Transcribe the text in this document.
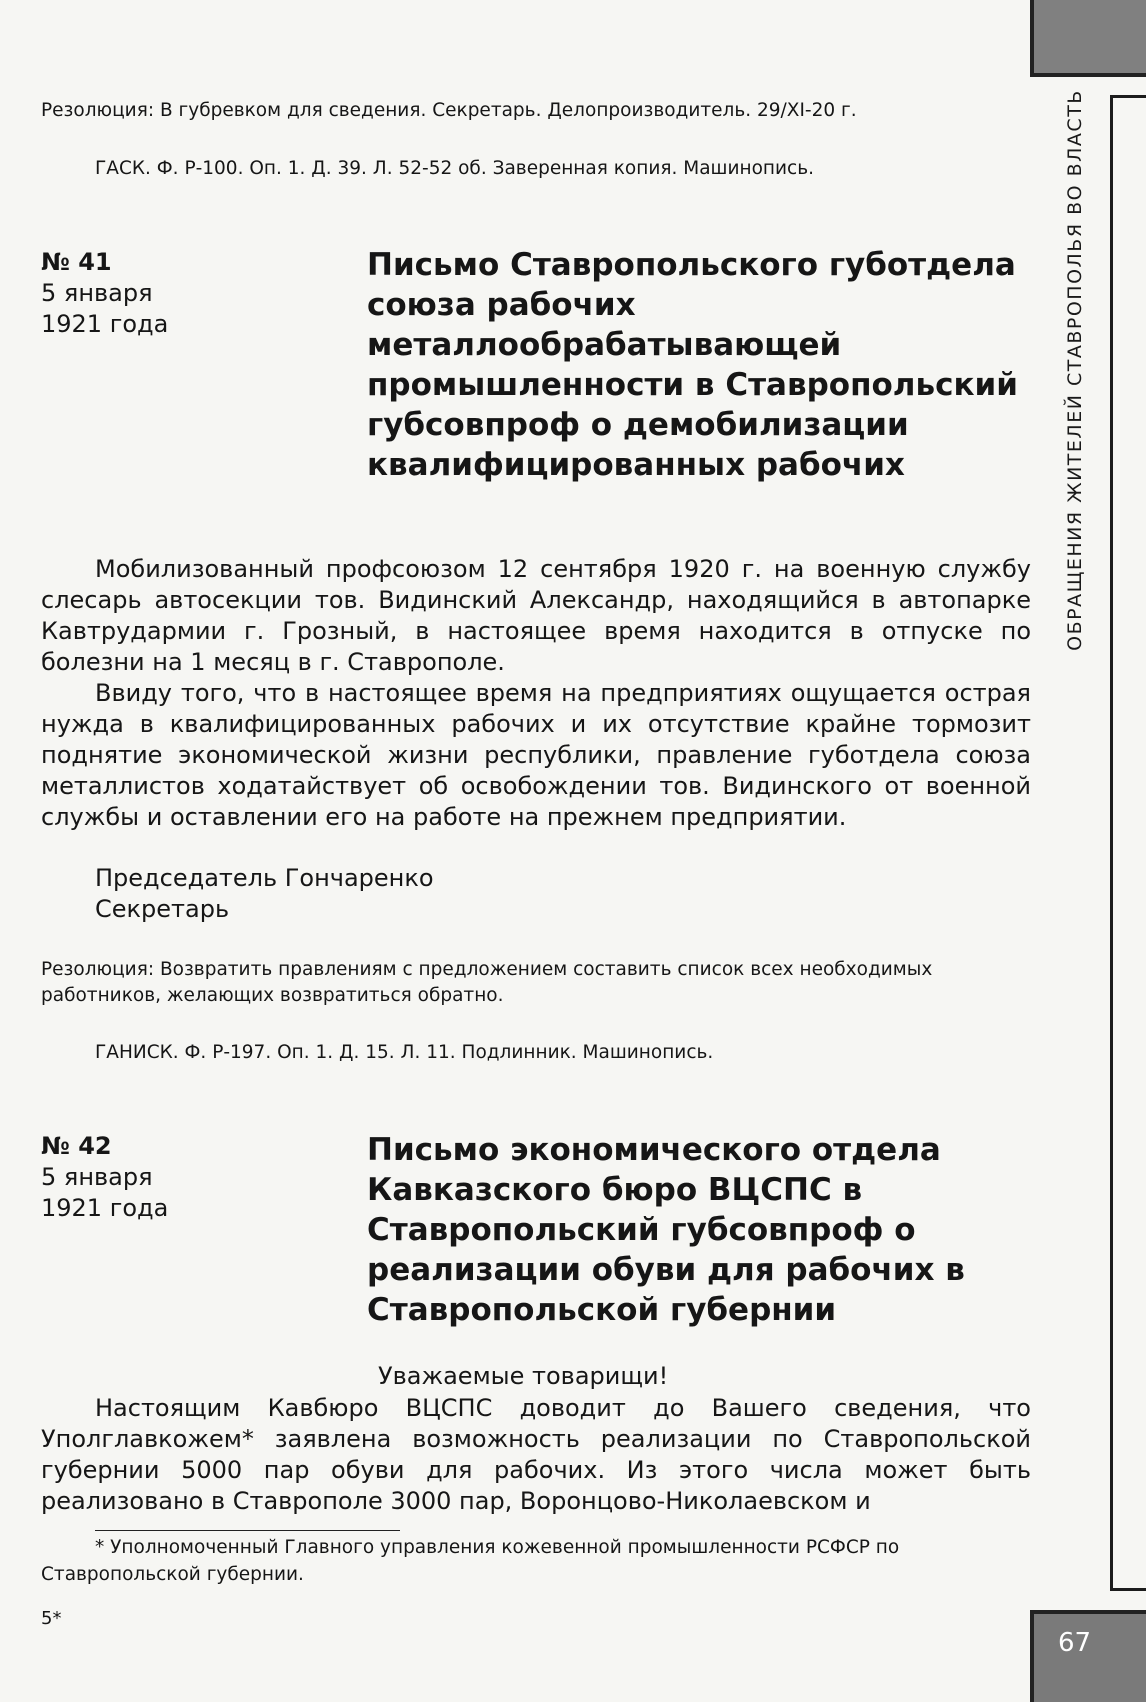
ОБРАЩЕНИЯ ЖИТЕЛЕЙ СТАВРОПОЛЬЯ ВО ВЛАСТЬ
Резолюция: В губревком для сведения. Секретарь. Делопроизводитель. 29/XI-20 г.
ГАСК. Ф. Р-100. Оп. 1. Д. 39. Л. 52-52 об. Заверенная копия. Машинопись.
№ 41
5 января
1921 года
Письмо Ставропольского губотдела союза рабочих металлообрабатывающей промышленности в Ставропольский губсовпроф о демобилизации квалифицированных рабочих

Мобилизованный профсоюзом 12 сентября 1920 г. на военную службу слесарь автосекции тов. Видинский Александр, находящийся в автопарке Кавтрудармии г. Грозный, в настоящее время находится в отпуске по болезни на 1 месяц в г. Ставрополе.

Ввиду того, что в настоящее время на предприятиях ощущается острая нужда в квалифицированных рабочих и их отсутствие крайне тормозит поднятие экономической жизни республики, правление губотдела союза металлистов ходатайствует об освобождении тов. Видинского от военной службы и оставлении его на работе на прежнем предприятии.

Председатель Гончаренко
Секретарь
Резолюция: Возвратить правлениям с предложением составить список всех необходимых работников, желающих возвратиться обратно.
ГАНИСК. Ф. Р-197. Оп. 1. Д. 15. Л. 11. Подлинник. Машинопись.
№ 42
5 января
1921 года
Письмо экономического отдела Кавказского бюро ВЦСПС в Ставропольский губсовпроф о реализации обуви для рабочих в Ставропольской губернии
Уважаемые товарищи!

Настоящим Кавбюро ВЦСПС доводит до Вашего сведения, что Уполглавкожем* заявлена возможность реализации по Ставропольской губернии 5000 пар обуви для рабочих. Из этого числа может быть реализовано в Ставрополе 3000 пар, Воронцово-Николаевском и

* Уполномоченный Главного управления кожевенной промышленности РСФСР по Ставропольской губернии.

5*
67
